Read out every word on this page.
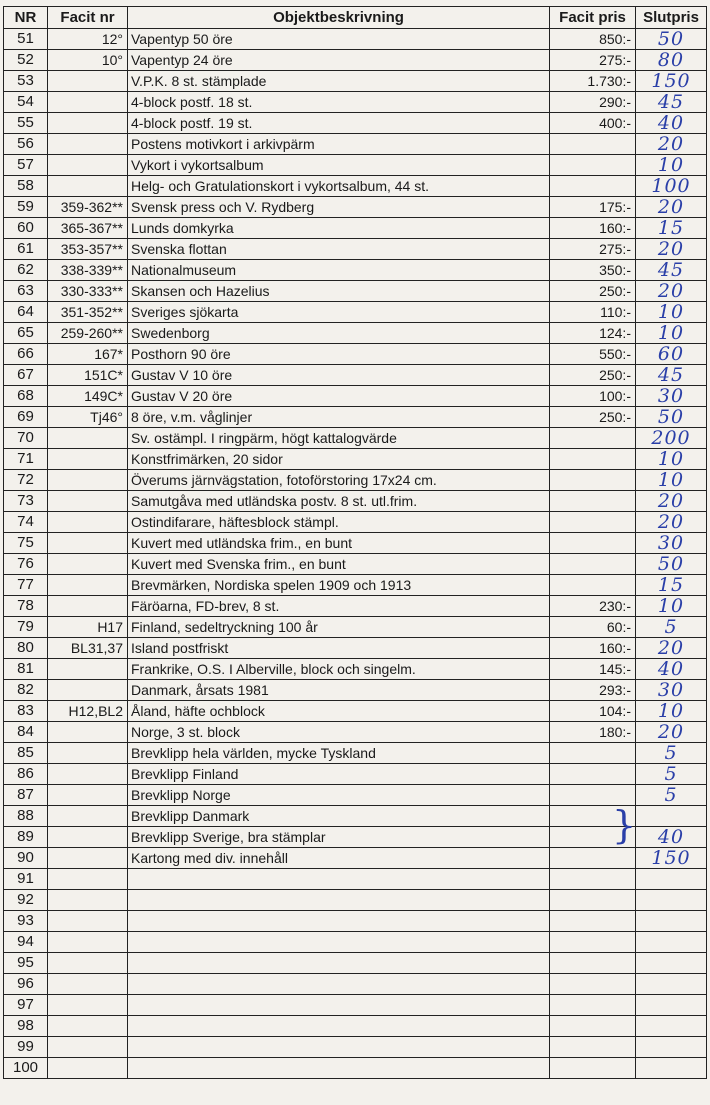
NR	Facit nr	Objektbeskrivning	Facit pris	Slutpris
51	12°	Vapentyp 50 öre	850:-	50
52	10°	Vapentyp 24 öre	275:-	80
53		V.P.K. 8 st. stämplade	1.730:-	150
54		4-block postf. 18 st.	290:-	45
55		4-block postf. 19 st.	400:-	40
56		Postens motivkort i arkivpärm		20
57		Vykort i vykortsalbum		10
58		Helg- och Gratulationskort i vykortsalbum, 44 st.		100
59	359-362**	Svensk press och V. Rydberg	175:-	20
60	365-367**	Lunds domkyrka	160:-	15
61	353-357**	Svenska flottan	275:-	20
62	338-339**	Nationalmuseum	350:-	45
63	330-333**	Skansen och Hazelius	250:-	20
64	351-352**	Sveriges sjökarta	110:-	10
65	259-260**	Swedenborg	124:-	10
66	167*	Posthorn 90 öre	550:-	60
67	151C*	Gustav V 10 öre	250:-	45
68	149C*	Gustav V 20 öre	100:-	30
69	Tj46°	8 öre, v.m. våglinjer	250:-	50
70		Sv. ostämpl. I ringpärm, högt kattalogvärde		200
71		Konstfrimärken, 20 sidor		10
72		Överums järnvägstation, fotoförstoring 17x24 cm.		10
73		Samutgåva med utländska postv. 8 st. utl.frim.		20
74		Ostindifarare, häftesblock stämpl.		20
75		Kuvert med utländska frim., en bunt		30
76		Kuvert med Svenska frim., en bunt		50
77		Brevmärken, Nordiska spelen 1909 och 1913		15
78		Färöarna, FD-brev, 8 st.	230:-	10
79	H17	Finland, sedeltryckning 100 år	60:-	5
80	BL31,37	Island postfriskt	160:-	20
81		Frankrike, O.S. I Alberville, block och singelm.	145:-	40
82		Danmark, årsats 1981	293:-	30
83	H12,BL2	Åland, häfte ochblock	104:-	10
84		Norge, 3 st. block	180:-	20
85		Brevklipp hela världen, mycke Tyskland		5
86		Brevklipp Finland		5
87		Brevklipp Norge		5
88		Brevklipp Danmark		
89		Brevklipp Sverige, bra stämplar		40
90		Kartong med div. innehåll		150
91				
92				
93				
94				
95				
96				
97				
98				
99				
100				
}
